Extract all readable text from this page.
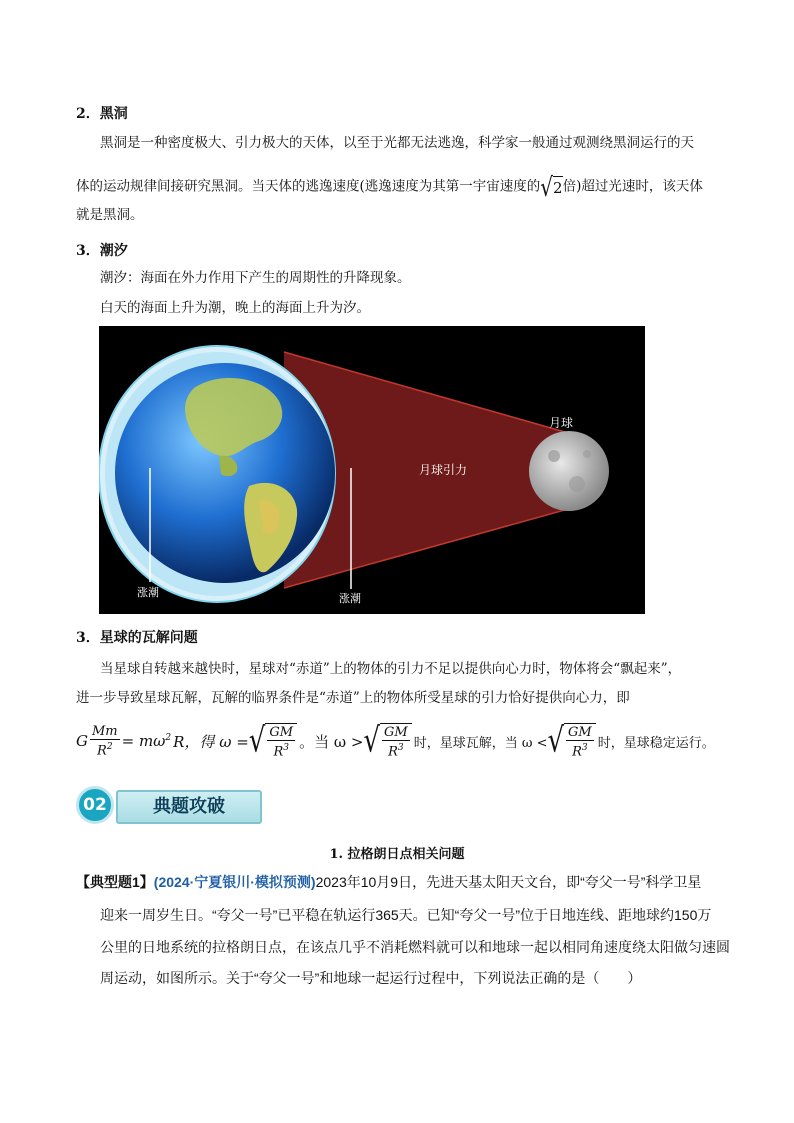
2．黑洞
黑洞是一种密度极大、引力极大的天体，以至于光都无法逃逸，科学家一般通过观测绕黑洞运行的天
体的运动规律间接研究黑洞。当天体的逃逸速度(逃逸速度为其第一宇宙速度的 √ 2 倍)超过光速时，该天体
就是黑洞。
3．潮汐
潮汐：海面在外力作用下产生的周期性的升降现象。
白天的海面上升为潮，晚上的海面上升为汐。
月球
月球引力
涨潮	涨潮
3．星球的瓦解问题
当星球自转越来越快时，星球对“赤道”上的物体的引力不足以提供向心力时，物体将会“飘起来”，
进一步导致星球瓦解，瓦解的临界条件是“赤道”上的物体所受星球的引力恰好提供向心力，即
G $\frac{Mm}{R^2} = m\omega^2$ R，得 ω = √ $\frac{GM}{R^3}$ 。当 ω > √ $\frac{GM}{R^3}$ 时，星球瓦解，当 ω < √ $\frac{GM}{R^3}$ 时，星球稳定运行。
典题攻破
02
1. 拉格朗日点相关问题
【典型题1】(2024·宁夏银川·模拟预测)2023年10月9日，先进天基太阳天文台，即“夸父一号”科学卫星
迎来一周岁生日。“夸父一号”已平稳在轨运行365天。已知“夸父一号”位于日地连线、距地球约150万
公里的日地系统的拉格朗日点，在该点几乎不消耗燃料就可以和地球一起以相同角速度绕太阳做匀速圆
周运动，如图所示。关于“夸父一号”和地球一起运行过程中，下列说法正确的是（　　）
